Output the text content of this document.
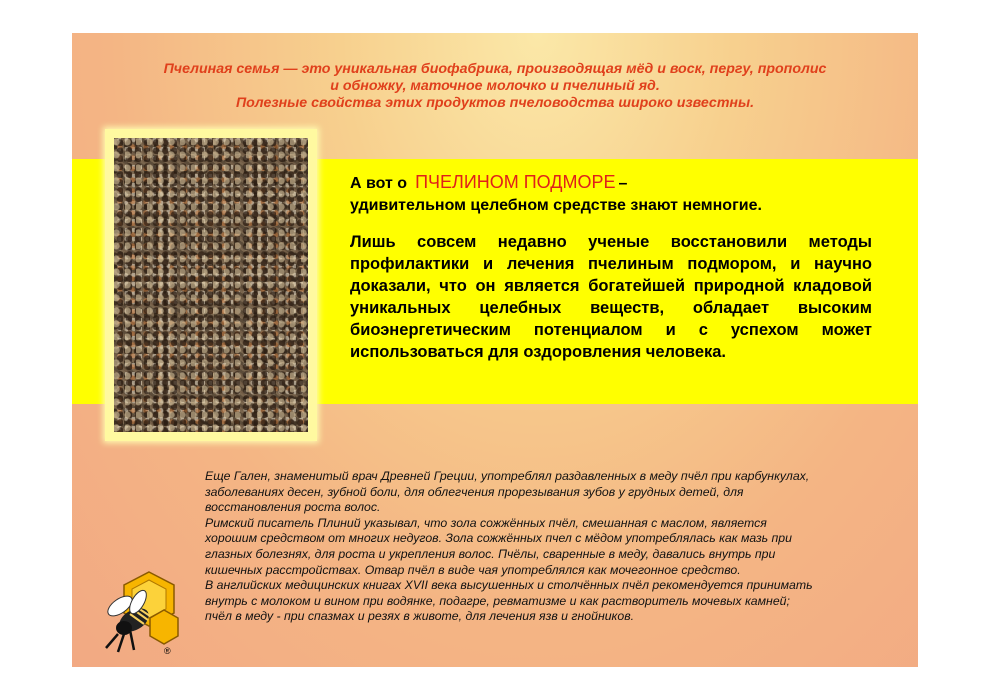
Пчелиная семья — это уникальная биофабрика, производящая мёд и воск, пергу, прополис
и обножку, маточное молочко и пчелиный яд.
Полезные свойства этих продуктов пчеловодства широко известны.

А вот о ПЧЕЛИНОМ ПОДМОРЕ –

удивительном целебном средстве знают немногие.

Лишь совсем недавно ученые восстановили методы профилактики и лечения пчелиным подмором, и научно доказали, что он является богатейшей природной кладовой уникальных целебных веществ, обладает высоким биоэнергетическим потенциалом и с успехом может использоваться для оздоровления человека.

Еще Гален, знаменитый врач Древней Греции, употреблял раздавленных в меду пчёл при карбункулах,

заболеваниях десен, зубной боли, для облегчения прорезывания зубов у грудных детей, для

восстановления роста волос.

Римский писатель Плиний указывал, что зола сожжённых пчёл, смешанная с маслом, является

хорошим средством от многих недугов. Зола сожжённых пчел с мёдом употреблялась как мазь при

глазных болезнях, для роста и укрепления волос. Пчёлы, сваренные в меду, давались внутрь при

кишечных расстройствах. Отвар пчёл в виде чая употреблялся как мочегонное средство.

В английских медицинских книгах XVII века высушенных и столчённых пчёл рекомендуется принимать

внутрь с молоком и вином при водянке, подагре, ревматизме и как растворитель мочевых камней;

пчёл в меду - при спазмах и резях в животе, для лечения язв и гнойников.

®
